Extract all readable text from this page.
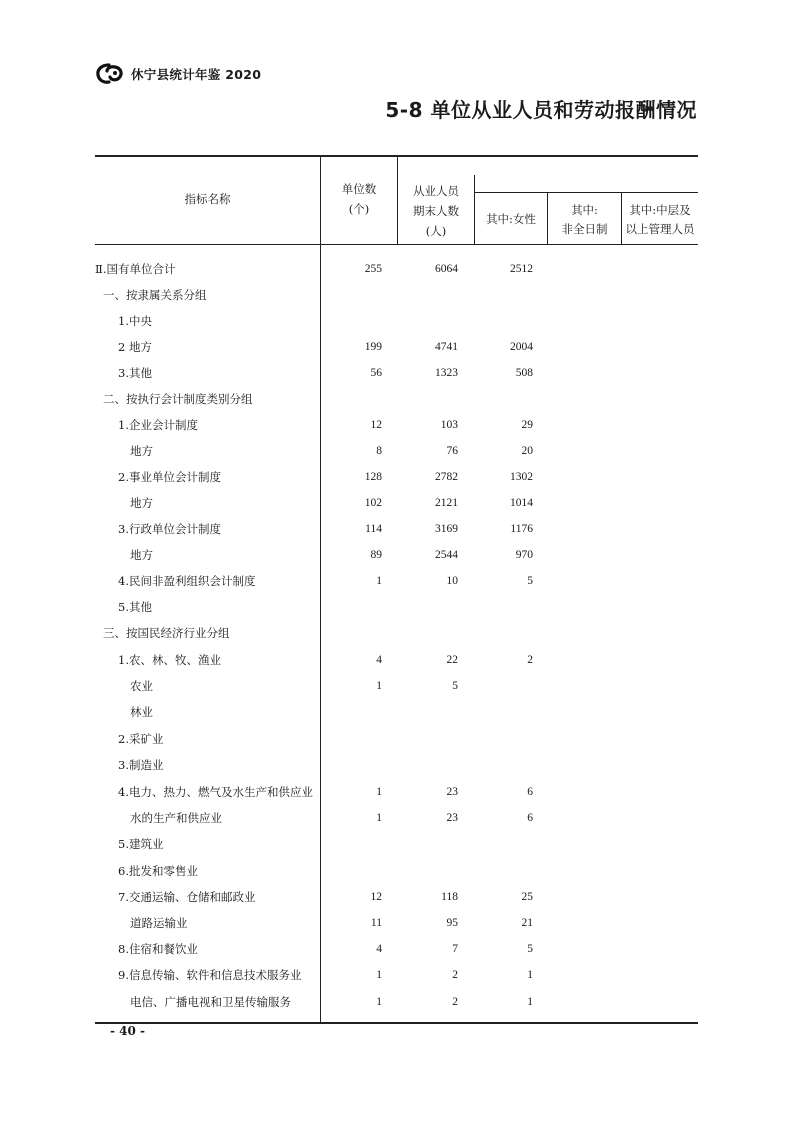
休宁县统计年鉴 2020
5-8 单位从业人员和劳动报酬情况
指标名称
单位数
(个)
从业人员
期末人数
(人)
其中:女性
其中:
非全日制
其中:中层及
以上管理人员
Ⅱ.国有单位合计	255	6064	2512
一、按隶属关系分组
1.中央
2 地方	199	4741	2004
3.其他	56	1323	508
二、按执行会计制度类别分组
1.企业会计制度	12	103	29
地方	8	76	20
2.事业单位会计制度	128	2782	1302
地方	102	2121	1014
3.行政单位会计制度	114	3169	1176
地方	89	2544	970
4.民间非盈利组织会计制度	1	10	5
5.其他
三、按国民经济行业分组
1.农、林、牧、渔业	4	22	2
农业	1	5
林业
2.采矿业
3.制造业
4.电力、热力、燃气及水生产和供应业	1	23	6
水的生产和供应业	1	23	6
5.建筑业
6.批发和零售业
7.交通运输、仓储和邮政业	12	118	25
道路运输业	11	95	21
8.住宿和餐饮业	4	7	5
9.信息传输、软件和信息技术服务业	1	2	1
电信、广播电视和卫星传输服务	1	2	1
- 40 -
